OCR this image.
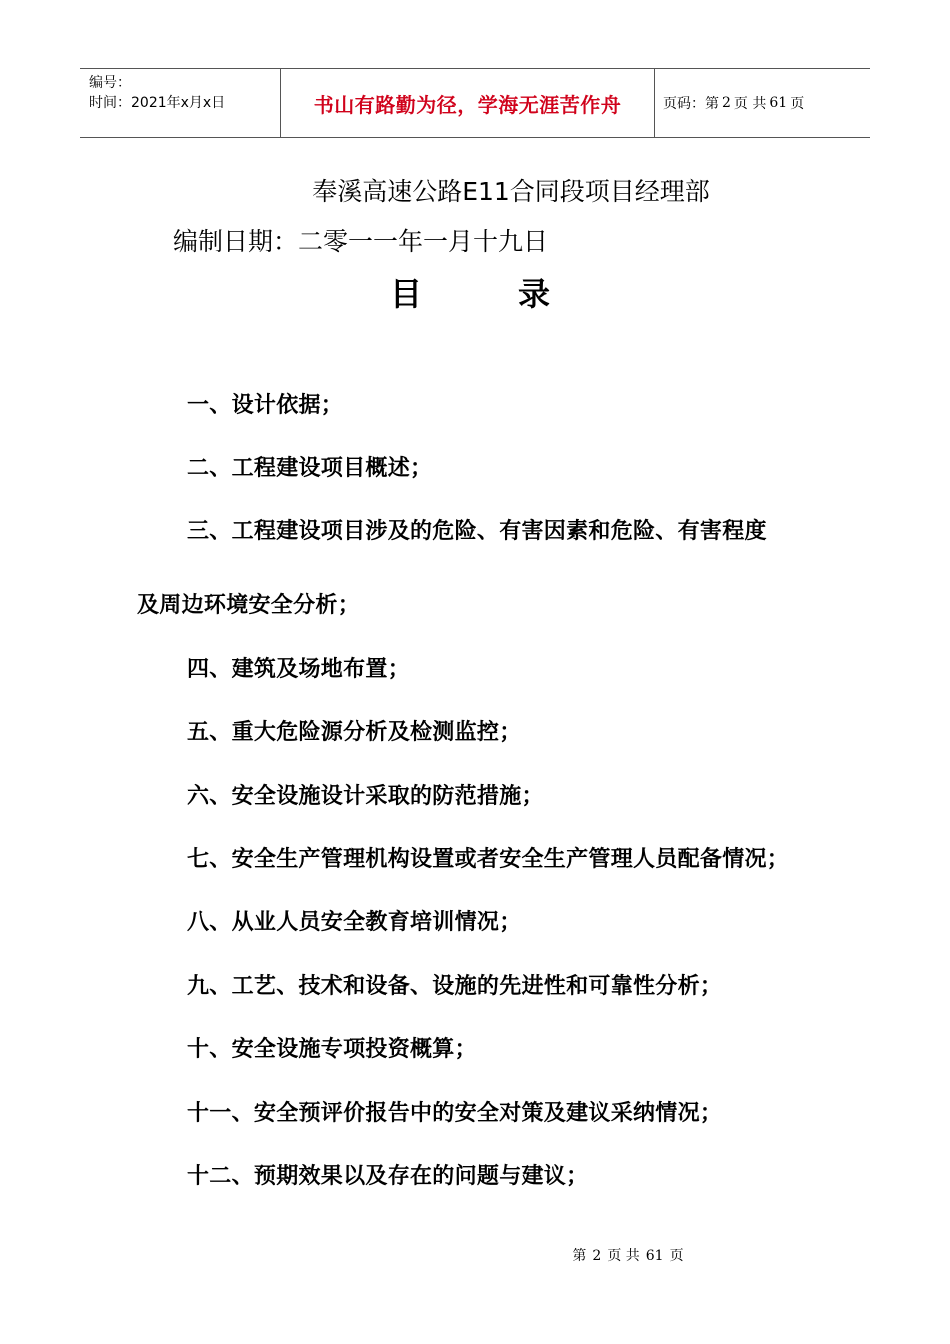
编号：
时间：2021年x月x日	书山有路勤为径，学海无涯苦作舟	页码：第 2 页 共 61 页
奉溪高速公路E11合同段项目经理部
编制日期：二零一一年一月十九日
目	录
一、设计依据；
二、工程建设项目概述；
三、工程建设项目涉及的危险、有害因素和危险、有害程度
及周边环境安全分析；
四、建筑及场地布置；
五、重大危险源分析及检测监控；
六、安全设施设计采取的防范措施；
七、安全生产管理机构设置或者安全生产管理人员配备情况；
八、从业人员安全教育培训情况；
九、工艺、技术和设备、设施的先进性和可靠性分析；
十、安全设施专项投资概算；
十一、安全预评价报告中的安全对策及建议采纳情况；
十二、预期效果以及存在的问题与建议；
第 2 页 共 61 页
